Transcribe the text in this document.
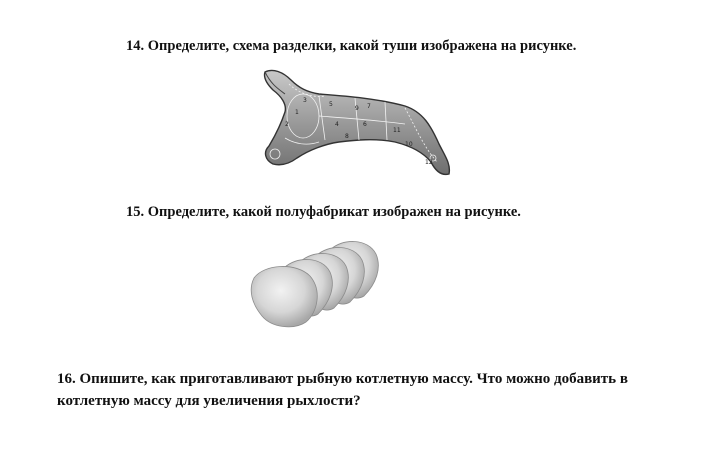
14. Определите, схема разделки, какой туши изображена на рисунке.
1
2
3
4
5
6
7
8
9
10
11
12
15. Определите, какой полуфабрикат изображен на рисунке.
16. Опишите, как приготавливают рыбную котлетную массу. Что можно добавить в котлетную массу для увеличения рыхлости?
